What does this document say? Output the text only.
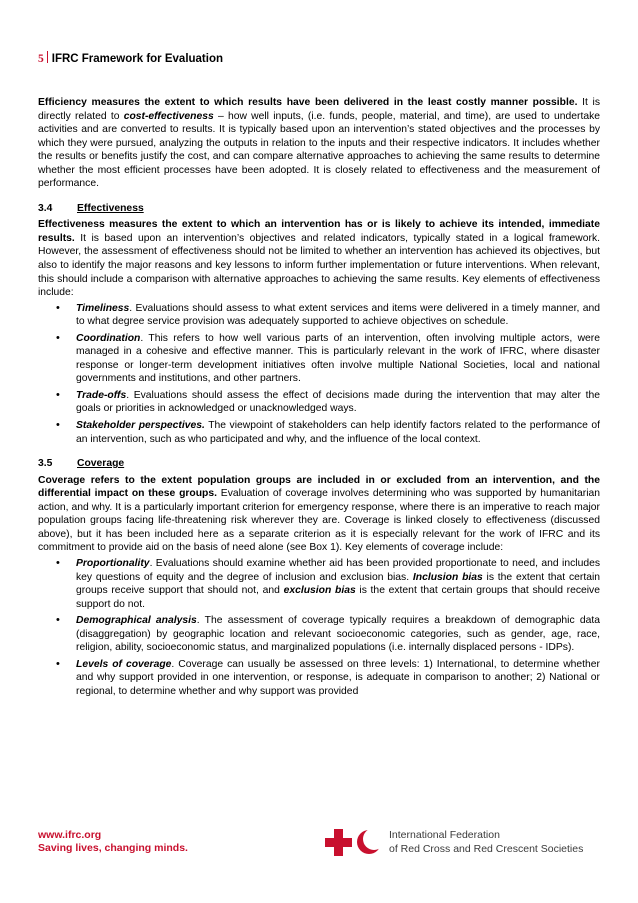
5 IFRC Framework for Evaluation

Efficiency measures the extent to which results have been delivered in the least costly manner possible. It is directly related to cost-effectiveness – how well inputs, (i.e. funds, people, material, and time), are used to undertake activities and are converted to results. It is typically based upon an intervention’s stated objectives and the processes by which they were pursued, analyzing the outputs in relation to the inputs and their respective indicators. It includes whether the results or benefits justify the cost, and can compare alternative approaches to achieving the same results to determine whether the most efficient processes have been adopted. It is closely related to effectiveness and the measurement of performance.

3.4	Effectiveness

Effectiveness measures the extent to which an intervention has or is likely to achieve its intended, immediate results. It is based upon an intervention’s objectives and related indicators, typically stated in a logical framework. However, the assessment of effectiveness should not be limited to whether an intervention has achieved its objectives, but also to identify the major reasons and key lessons to inform further implementation or future interventions. When relevant, this should include a comparison with alternative approaches to achieving the same results. Key elements of effectiveness include:

• Timeliness. Evaluations should assess to what extent services and items were delivered in a timely manner, and to what degree service provision was adequately supported to achieve objectives on schedule.
• Coordination. This refers to how well various parts of an intervention, often involving multiple actors, were managed in a cohesive and effective manner. This is particularly relevant in the work of IFRC, where disaster response or longer-term development initiatives often involve multiple National Societies, local and national governments and institutions, and other partners.
• Trade-offs. Evaluations should assess the effect of decisions made during the intervention that may alter the goals or priorities in acknowledged or unacknowledged ways.
• Stakeholder perspectives. The viewpoint of stakeholders can help identify factors related to the performance of an intervention, such as who participated and why, and the influence of the local context.
3.5	Coverage

Coverage refers to the extent population groups are included in or excluded from an intervention, and the differential impact on these groups. Evaluation of coverage involves determining who was supported by humanitarian action, and why. It is a particularly important criterion for emergency response, where there is an imperative to reach major population groups facing life-threatening risk wherever they are. Coverage is linked closely to effectiveness (discussed above), but it has been included here as a separate criterion as it is especially relevant for the work of IFRC and its commitment to provide aid on the basis of need alone (see Box 1). Key elements of coverage include:

• Proportionality. Evaluations should examine whether aid has been provided proportionate to need, and includes key questions of equity and the degree of inclusion and exclusion bias. Inclusion bias is the extent that certain groups receive support that should not, and exclusion bias is the extent that certain groups that should receive support do not.
• Demographical analysis. The assessment of coverage typically requires a breakdown of demographic data (disaggregation) by geographic location and relevant socioeconomic categories, such as gender, age, race, religion, ability, socioeconomic status, and marginalized populations (i.e. internally displaced persons - IDPs).
• Levels of coverage. Coverage can usually be assessed on three levels: 1) International, to determine whether and why support provided in one intervention, or response, is adequate in comparison to another; 2) National or regional, to determine whether and why support was provided
www.ifrc.org
Saving lives, changing minds.
International Federation
of Red Cross and Red Crescent Societies
